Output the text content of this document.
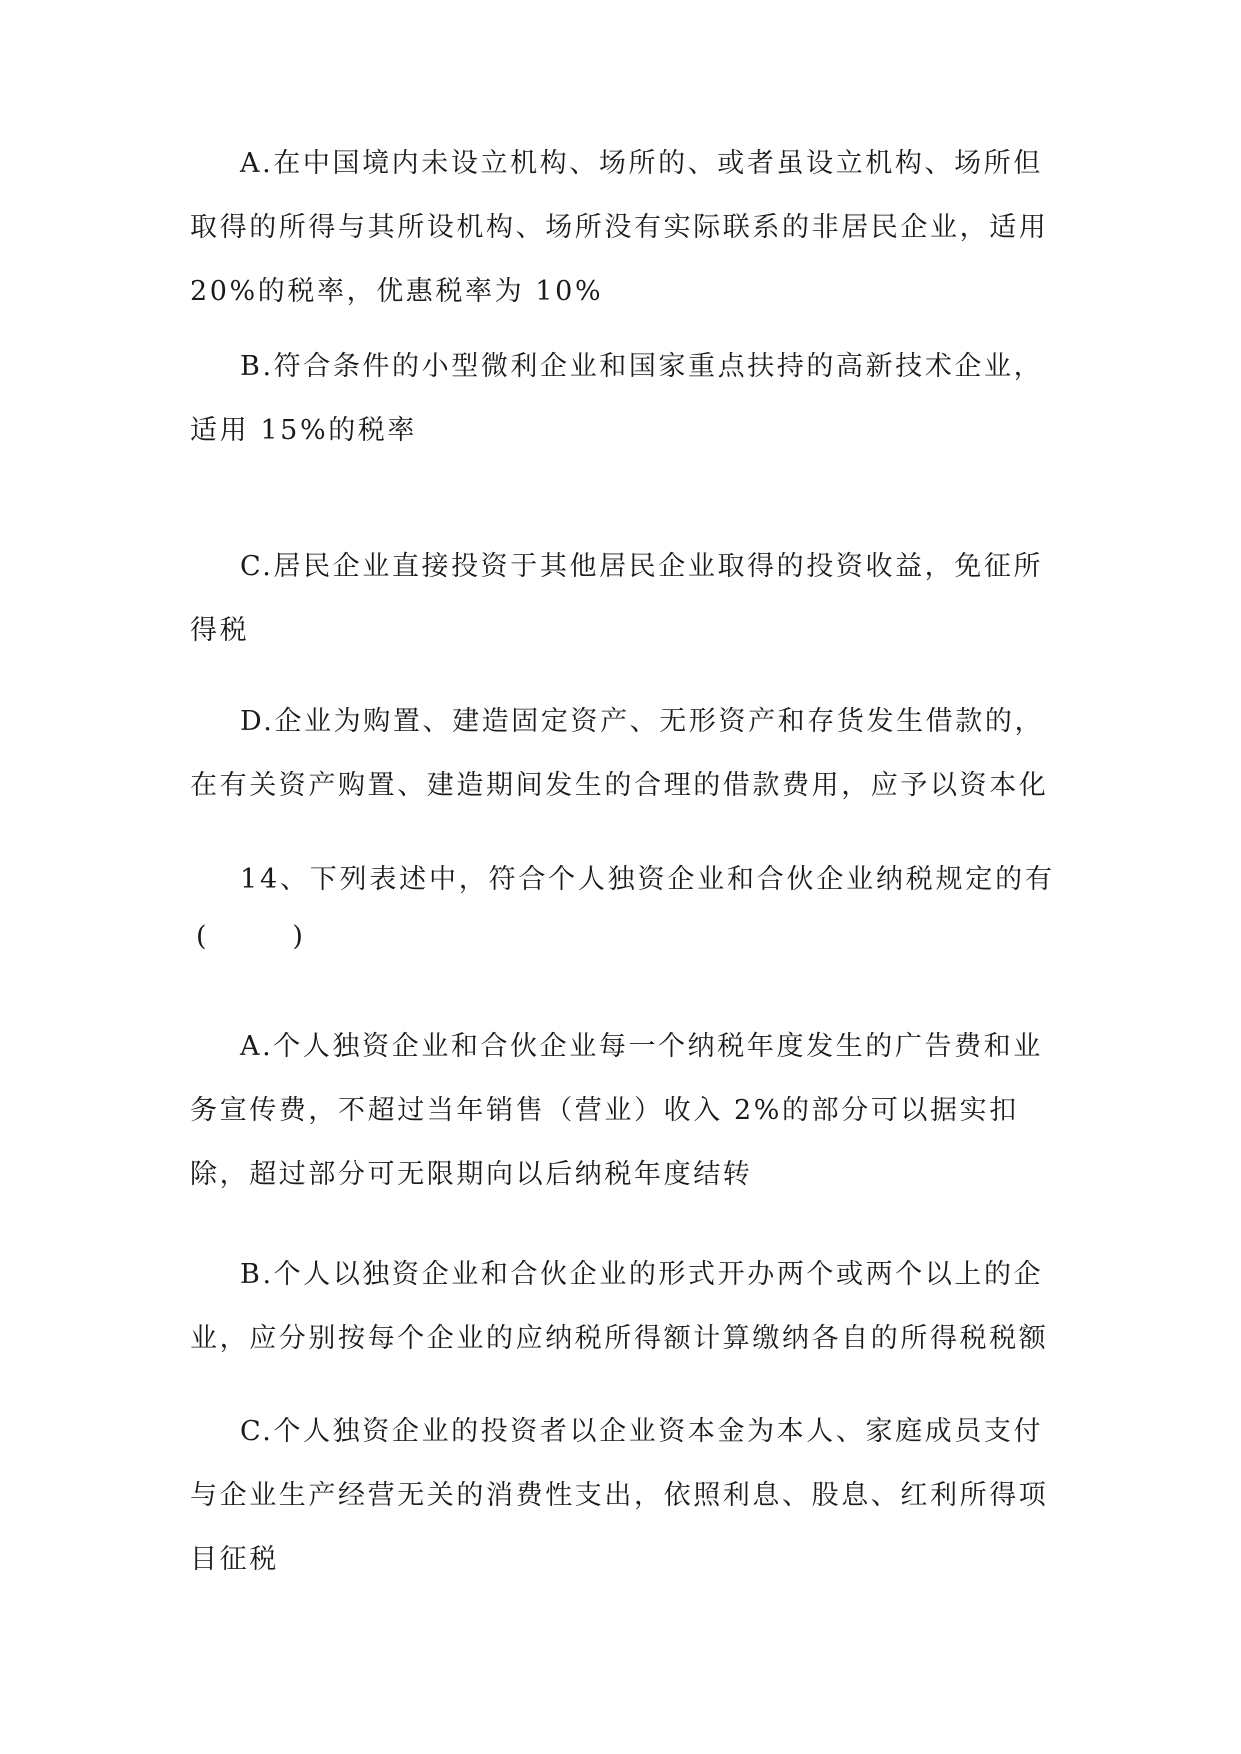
A.在中国境内未设立机构、场所的、或者虽设立机构、场所但取得的所得与其所设机构、场所没有实际联系的非居民企业，适用 20%的税率，优惠税率为 10%
B.符合条件的小型微利企业和国家重点扶持的高新技术企业，适用 15%的税率
C.居民企业直接投资于其他居民企业取得的投资收益，免征所得税
D.企业为购置、建造固定资产、无形资产和存货发生借款的，在有关资产购置、建造期间发生的合理的借款费用，应予以资本化
14、下列表述中，符合个人独资企业和合伙企业纳税规定的有
(          )
A.个人独资企业和合伙企业每一个纳税年度发生的广告费和业务宣传费，不超过当年销售（营业）收入 2%的部分可以据实扣除，超过部分可无限期向以后纳税年度结转
B.个人以独资企业和合伙企业的形式开办两个或两个以上的企业，应分别按每个企业的应纳税所得额计算缴纳各自的所得税税额
C.个人独资企业的投资者以企业资本金为本人、家庭成员支付与企业生产经营无关的消费性支出，依照利息、股息、红利所得项目征税
